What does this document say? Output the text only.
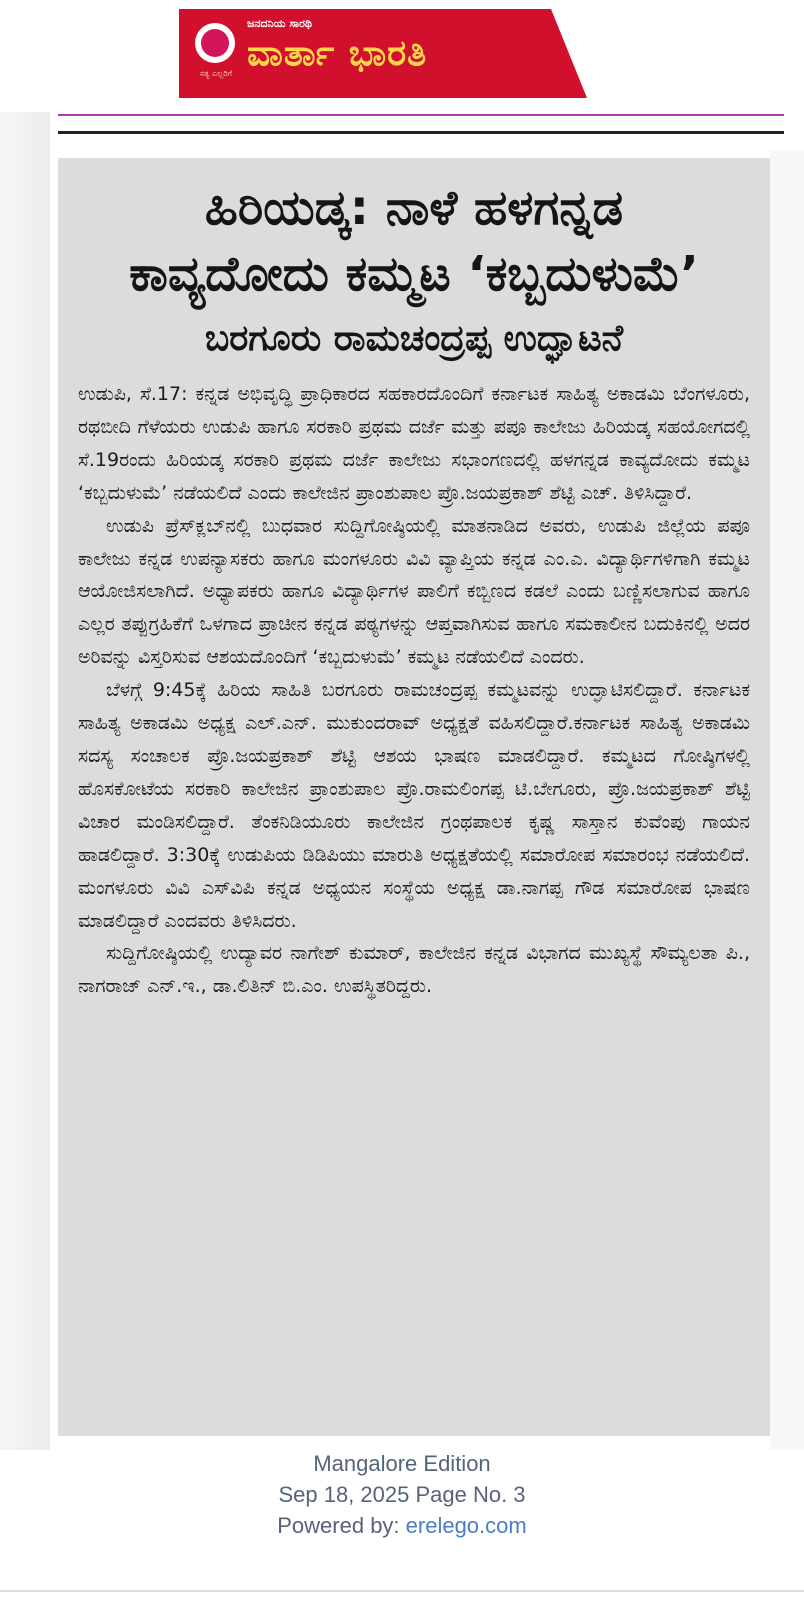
ಸತ್ಯ ಎಲ್ಲರಿಗೆ
ಜನದನಿಯ ಸಾರಥಿ
ವಾರ್ತಾ ಭಾರತಿ
ಹಿರಿಯಡ್ಕ: ನಾಳೆ ಹಳಗನ್ನಡ
ಕಾವ್ಯದೋದು ಕಮ್ಮಟ ‘ಕಬ್ಬದುಳುಮೆ’
ಬರಗೂರು ರಾಮಚಂದ್ರಪ್ಪ ಉದ್ಘಾಟನೆ

ಉಡುಪಿ, ಸೆ.17: ಕನ್ನಡ ಅಭಿವೃದ್ಧಿ ಪ್ರಾಧಿಕಾರದ ಸಹಕಾರದೊಂದಿಗೆ ಕರ್ನಾಟಕ ಸಾಹಿತ್ಯ ಅಕಾಡಮಿ ಬೆಂಗಳೂರು, ರಥಬೀದಿ ಗೆಳೆಯರು ಉಡುಪಿ ಹಾಗೂ ಸರಕಾರಿ ಪ್ರಥಮ ದರ್ಜೆ ಮತ್ತು ಪಪೂ ಕಾಲೇಜು ಹಿರಿಯಡ್ಕ ಸಹಯೋಗದಲ್ಲಿ ಸೆ.19ರಂದು ಹಿರಿಯಡ್ಕ ಸರಕಾರಿ ಪ್ರಥಮ ದರ್ಜೆ ಕಾಲೇಜು ಸಭಾಂಗಣದಲ್ಲಿ ಹಳಗನ್ನಡ ಕಾವ್ಯದೋದು ಕಮ್ಮಟ ‘ಕಬ್ಬದುಳುಮೆ’ ನಡೆಯಲಿದೆ ಎಂದು ಕಾಲೇಜಿನ ಪ್ರಾಂಶುಪಾಲ ಪ್ರೊ.ಜಯಪ್ರಕಾಶ್ ಶೆಟ್ಟಿ ಎಚ್. ತಿಳಿಸಿದ್ದಾರೆ.

ಉಡುಪಿ ಪ್ರೆಸ್‌ಕ್ಲಬ್‌ನಲ್ಲಿ ಬುಧವಾರ ಸುದ್ದಿಗೋಷ್ಠಿಯಲ್ಲಿ ಮಾತನಾಡಿದ ಅವರು, ಉಡುಪಿ ಜಿಲ್ಲೆಯ ಪಪೂ ಕಾಲೇಜು ಕನ್ನಡ ಉಪನ್ಯಾಸಕರು ಹಾಗೂ ಮಂಗಳೂರು ವಿವಿ ವ್ಯಾಪ್ತಿಯ ಕನ್ನಡ ಎಂ.ಎ. ವಿದ್ಯಾರ್ಥಿಗಳಿಗಾಗಿ ಕಮ್ಮಟ ಆಯೋಜಿಸಲಾಗಿದೆ. ಅಧ್ಯಾಪಕರು ಹಾಗೂ ವಿದ್ಯಾರ್ಥಿಗಳ ಪಾಲಿಗೆ ಕಬ್ಬಿಣದ ಕಡಲೆ ಎಂದು ಬಣ್ಣಿಸಲಾಗುವ ಹಾಗೂ ಎಲ್ಲರ ತಪ್ಪುಗ್ರಹಿಕೆಗೆ ಒಳಗಾದ ಪ್ರಾಚೀನ ಕನ್ನಡ ಪಠ್ಯಗಳನ್ನು ಆಪ್ತವಾಗಿಸುವ ಹಾಗೂ ಸಮಕಾಲೀನ ಬದುಕಿನಲ್ಲಿ ಅದರ ಅರಿವನ್ನು ವಿಸ್ತರಿಸುವ ಆಶಯದೊಂದಿಗೆ ‘ಕಬ್ಬದುಳುಮೆ’ ಕಮ್ಮಟ ನಡೆಯಲಿದೆ ಎಂದರು.

ಬೆಳಗ್ಗೆ 9:45ಕ್ಕೆ ಹಿರಿಯ ಸಾಹಿತಿ ಬರಗೂರು ರಾಮಚಂದ್ರಪ್ಪ ಕಮ್ಮಟವನ್ನು ಉದ್ಘಾಟಿಸಲಿದ್ದಾರೆ. ಕರ್ನಾಟಕ ಸಾಹಿತ್ಯ ಅಕಾಡಮಿ ಅಧ್ಯಕ್ಷ ಎಲ್.ಎನ್. ಮುಕುಂದರಾವ್ ಅಧ್ಯಕ್ಷತೆ ವಹಿಸಲಿದ್ದಾರೆ.ಕರ್ನಾಟಕ ಸಾಹಿತ್ಯ ಅಕಾಡಮಿ ಸದಸ್ಯ ಸಂಚಾಲಕ ಪ್ರೊ.ಜಯಪ್ರಕಾಶ್ ಶೆಟ್ಟಿ ಆಶಯ ಭಾಷಣ ಮಾಡಲಿದ್ದಾರೆ. ಕಮ್ಮಟದ ಗೋಷ್ಠಿಗಳಲ್ಲಿ ಹೊಸಕೋಟೆಯ ಸರಕಾರಿ ಕಾಲೇಜಿನ ಪ್ರಾಂಶುಪಾಲ ಪ್ರೊ.ರಾಮಲಿಂಗಪ್ಪ ಟಿ.ಬೇಗೂರು, ಪ್ರೊ.ಜಯಪ್ರಕಾಶ್ ಶೆಟ್ಟಿ ವಿಚಾರ ಮಂಡಿಸಲಿದ್ದಾರೆ. ತೆಂಕನಿಡಿಯೂರು ಕಾಲೇಜಿನ ಗ್ರಂಥಪಾಲಕ ಕೃಷ್ಣ ಸಾಸ್ತಾನ ಕುವೆಂಪು ಗಾಯನ ಹಾಡಲಿದ್ದಾರೆ. 3:30ಕ್ಕೆ ಉಡುಪಿಯ ಡಿಡಿಪಿಯು ಮಾರುತಿ ಅಧ್ಯಕ್ಷತೆಯಲ್ಲಿ ಸಮಾರೋಪ ಸಮಾರಂಭ ನಡೆಯಲಿದೆ. ಮಂಗಳೂರು ವಿವಿ ಎಸ್‌ವಿಪಿ ಕನ್ನಡ ಅಧ್ಯಯನ ಸಂಸ್ಥೆಯ ಅಧ್ಯಕ್ಷ ಡಾ.ನಾಗಪ್ಪ ಗೌಡ ಸಮಾರೋಪ ಭಾಷಣ ಮಾಡಲಿದ್ದಾರೆ ಎಂದವರು ತಿಳಿಸಿದರು.

ಸುದ್ದಿಗೋಷ್ಠಿಯಲ್ಲಿ ಉದ್ಯಾವರ ನಾಗೇಶ್ ಕುಮಾರ್, ಕಾಲೇಜಿನ ಕನ್ನಡ ವಿಭಾಗದ ಮುಖ್ಯಸ್ಥೆ ಸೌಮ್ಯಲತಾ ಪಿ., ನಾಗರಾಜ್ ಎನ್.ಇ., ಡಾ.ಲಿತಿನ್ ಬಿ.ಎಂ. ಉಪಸ್ಥಿತರಿದ್ದರು.

Mangalore Edition
Sep 18, 2025 Page No. 3
Powered by: erelego.com
